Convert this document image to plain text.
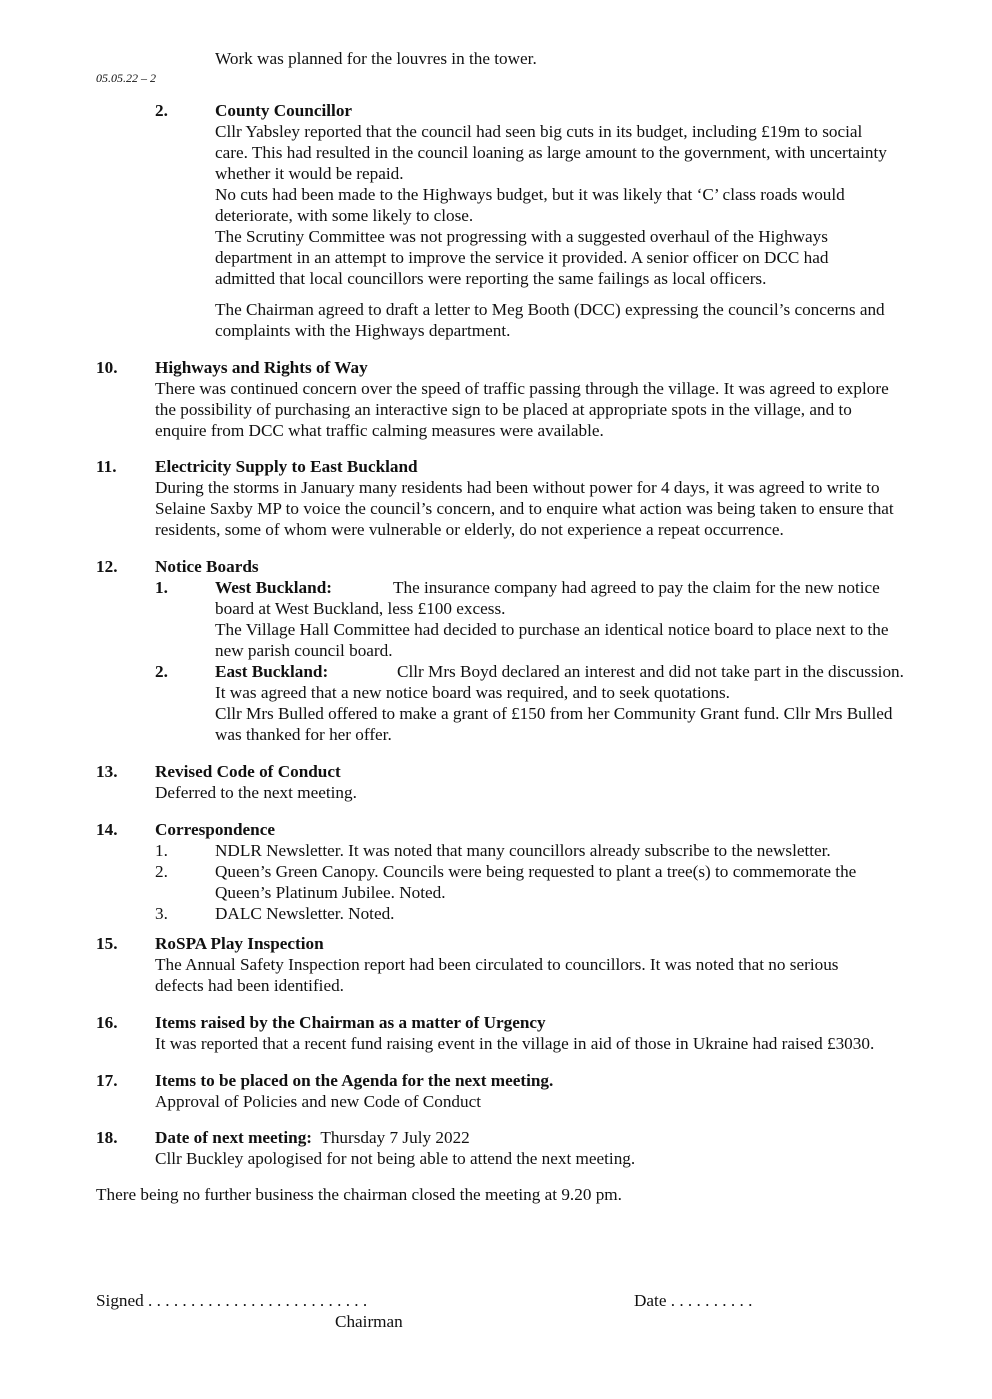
Work was planned for the louvres in the tower.

05.05.22 – 2
2.	County Councillor

Cllr Yabsley reported that the council had seen big cuts in its budget, including £19m to social

care. This had resulted in the council loaning as large amount to the government, with uncertainty

whether it would be repaid.

No cuts had been made to the Highways budget, but it was likely that ‘C’ class roads would

deteriorate, with some likely to close.

The Scrutiny Committee was not progressing with a suggested overhaul of the Highways

department in an attempt to improve the service it provided. A senior officer on DCC had

admitted that local councillors were reporting the same failings as local officers.

The Chairman agreed to draft a letter to Meg Booth (DCC) expressing the council’s concerns and

complaints with the Highways department.

10. Highways and Rights of Way

There was continued concern over the speed of traffic passing through the village. It was agreed to explore

the possibility of purchasing an interactive sign to be placed at appropriate spots in the village, and to

enquire from DCC what traffic calming measures were available.

11. Electricity Supply to East Buckland

During the storms in January many residents had been without power for 4 days, it was agreed to write to

Selaine Saxby MP to voice the council’s concern, and to enquire what action was being taken to ensure that

residents, some of whom were vulnerable or elderly, do not experience a repeat occurrence.

12. Notice Boards

1.	West Buckland:	The insurance company had agreed to pay the claim for the new notice

board at West Buckland, less £100 excess.

The Village Hall Committee had decided to purchase an identical notice board to place next to the

new parish council board.

2.	East Buckland:	Cllr Mrs Boyd declared an interest and did not take part in the discussion.

It was agreed that a new notice board was required, and to seek quotations.

Cllr Mrs Bulled offered to make a grant of £150 from her Community Grant fund. Cllr Mrs Bulled

was thanked for her offer.

13. Revised Code of Conduct

Deferred to the next meeting.

14. Correspondence

1.	NDLR Newsletter. It was noted that many councillors already subscribe to the newsletter.

2.	Queen’s Green Canopy. Councils were being requested to plant a tree(s) to commemorate the

Queen’s Platinum Jubilee. Noted.

3.	DALC Newsletter. Noted.

15. RoSPA Play Inspection

The Annual Safety Inspection report had been circulated to councillors. It was noted that no serious

defects had been identified.

16. Items raised by the Chairman as a matter of Urgency

It was reported that a recent fund raising event in the village in aid of those in Ukraine had raised £3030.

17. Items to be placed on the Agenda for the next meeting.

Approval of Policies and new Code of Conduct

18. Date of next meeting: Thursday 7 July 2022

Cllr Buckley apologised for not being able to attend the next meeting.

There being no further business the chairman closed the meeting at 9.20 pm.

Signed . . . . . . . . . . . . . . . . . . . . . . . . . .

Chairman

Date . . . . . . . . . .
